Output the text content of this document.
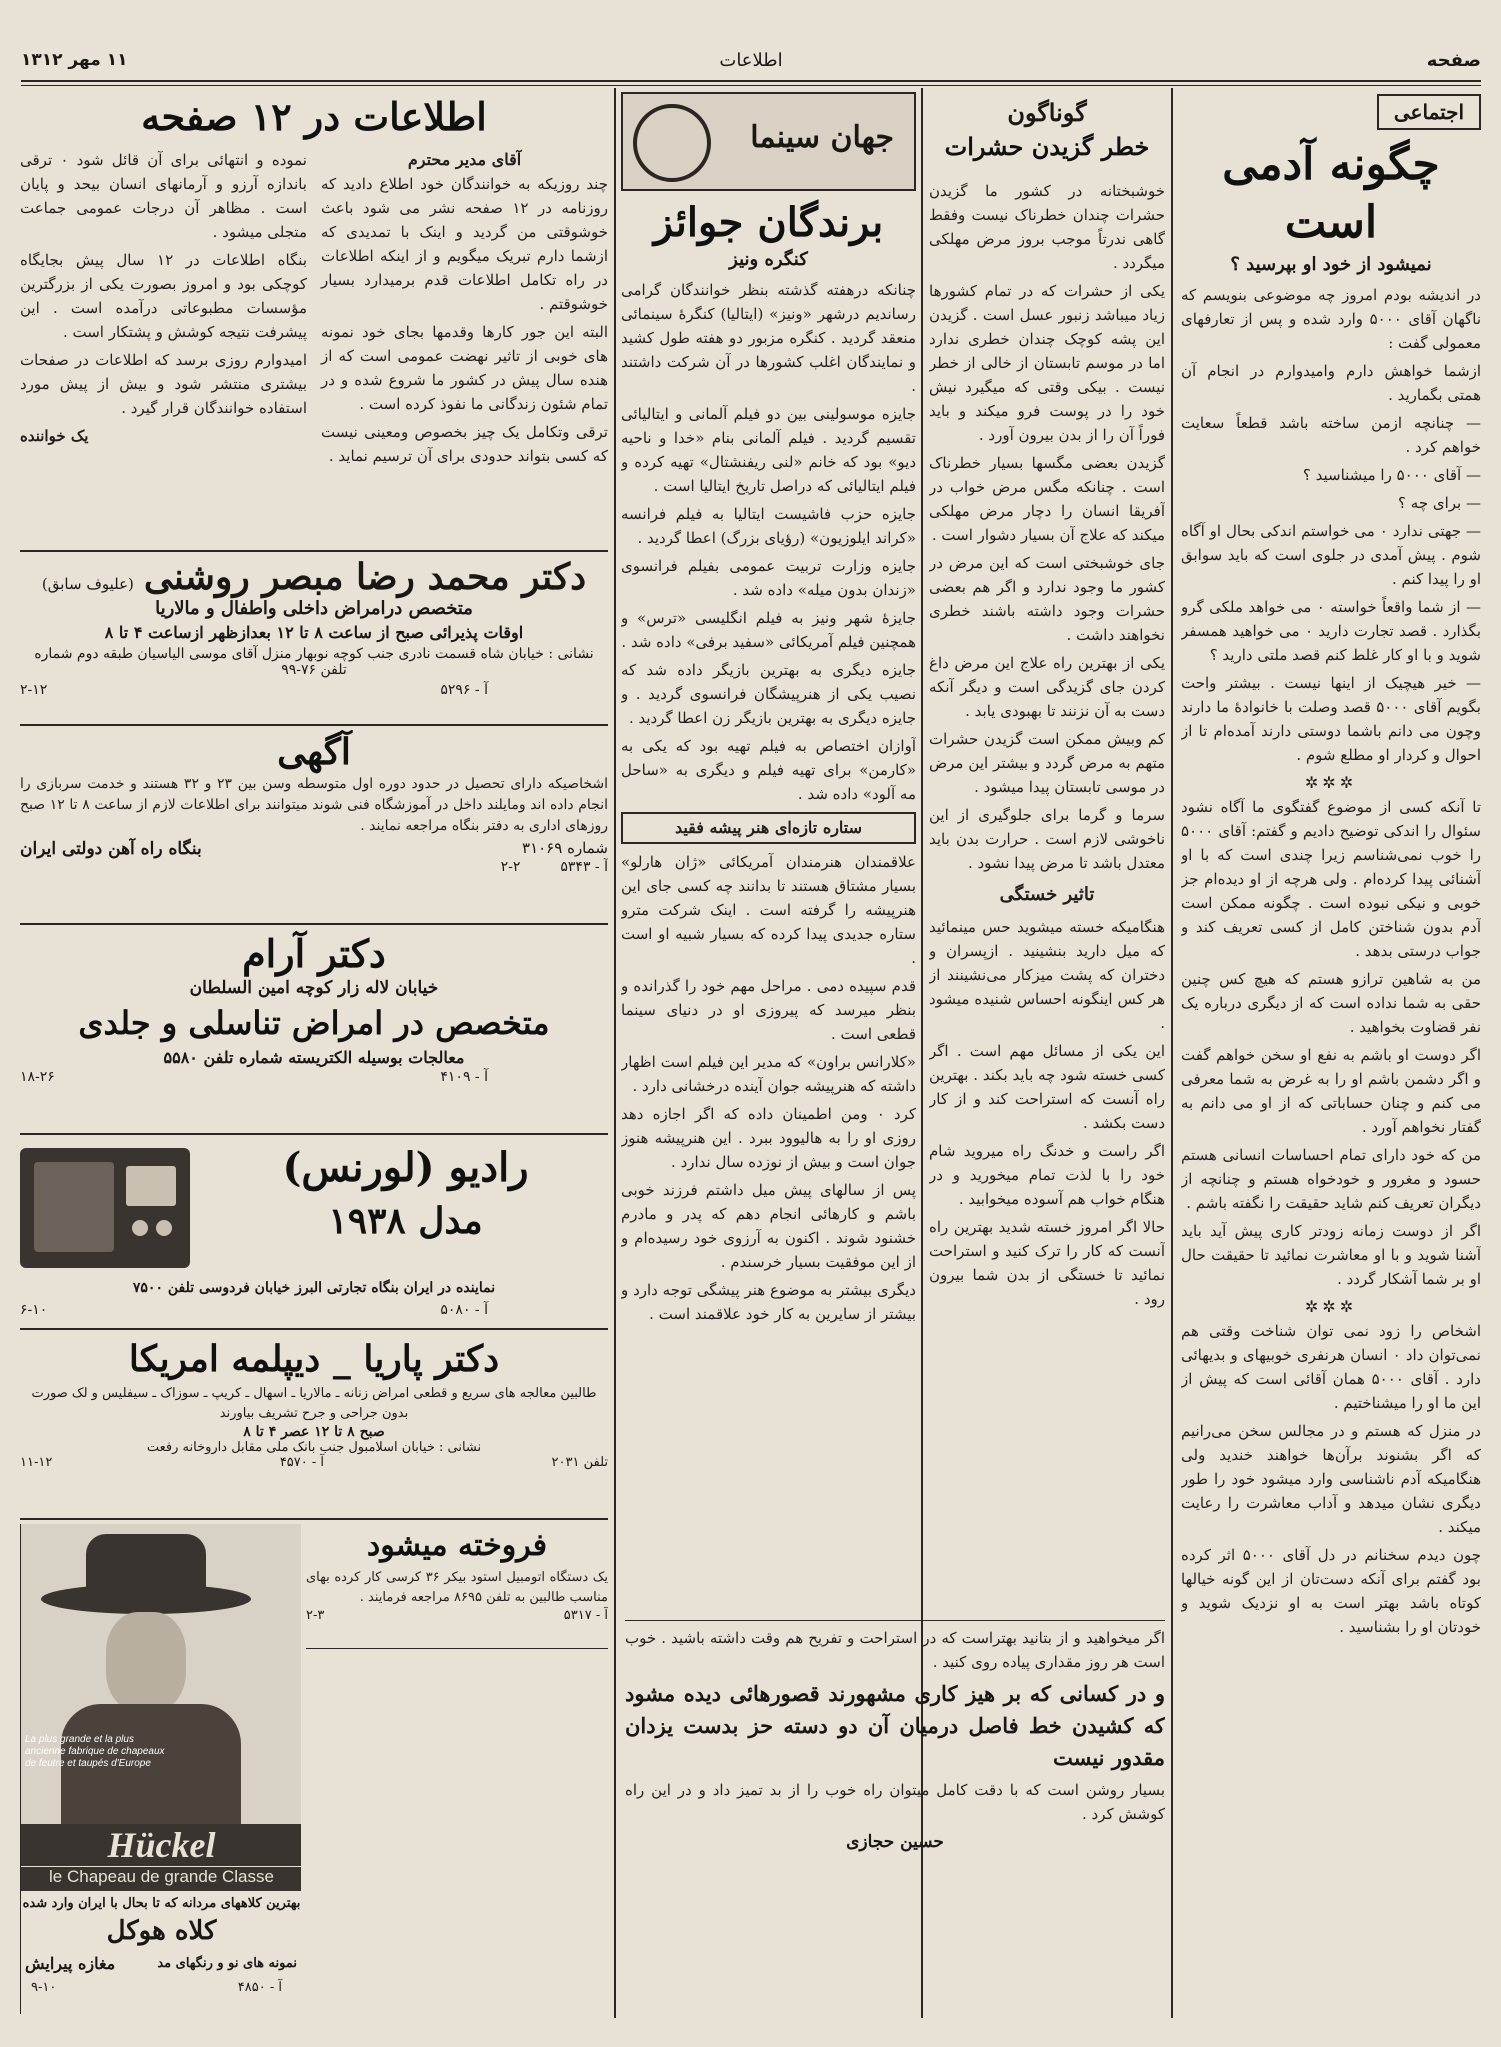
صفحه
اطلاعات
۱۱ مهر ۱۳۱۲
اجتماعی
چگونه آدمی است
نمیشود از خود او بپرسید ؟

در اندیشه بودم امروز چه موضوعی بنویسم که ناگهان آقای ۵۰۰۰ وارد شده و پس از تعارفهای معمولی گفت :

ازشما خواهش دارم وامیدوارم در انجام آن همتی بگمارید .

— چنانچه ازمن ساخته باشد قطعاً سعایت خواهم کرد .

— آقای ۵۰۰۰ را میشناسید ؟

— برای چه ؟

— جهتی ندارد ۰ می خواستم اندکی بحال او آگاه شوم . پیش آمدی در جلوی است که باید سوابق او را پیدا کنم .

— از شما واقعاً خواسته ۰ می خواهد ملکی گرو بگذارد . قصد تجارت دارید ۰ می خواهید همسفر شوید و با او کار غلط کنم قصد ملتی دارید ؟

— خیر هیچیک از اینها نیست . بیشتر واحت بگویم آقای ۵۰۰۰ قصد وصلت با خانوادهٔ ما دارند وچون می دانم باشما دوستی دارند آمده‌ام تا از احوال و کردار او مطلع شوم .

✲✲✲

تا آنکه کسی از موضوع گفتگوی ما آگاه نشود سئوال را اندکی توضیح دادیم و گفتم: آقای ۵۰۰۰ را خوب نمی‌شناسم زیرا چندی است که با او آشنائی پیدا کرده‌ام . ولی هرچه از او دیده‌ام جز خوبی و نیکی نبوده است . چگونه ممکن است آدم بدون شناختن کامل از کسی تعریف کند و جواب درستی بدهد .

من به شاهین ترازو هستم که هیچ کس چنین حقی به شما نداده است که از دیگری درباره یک نفر قضاوت بخواهید .

اگر دوست او باشم به نفع او سخن خواهم گفت و اگر دشمن باشم او را به غرض به شما معرفی می کنم و چنان حساباتی که از او می دانم به گفتار نخواهم آورد .

من که خود دارای تمام احساسات انسانی هستم حسود و مغرور و خودخواه هستم و چنانچه از دیگران تعریف کنم شاید حقیقت را نگفته باشم .

اگر از دوست زمانه زودتر کاری پیش آید باید آشنا شوید و با او معاشرت نمائید تا حقیقت حال او بر شما آشکار گردد .

✲✲✲

اشخاص را زود نمی توان شناخت وقتی هم نمی‌توان داد ۰ انسان هرنفری خوبیهای و بدیهائی دارد . آقای ۵۰۰۰ همان آقائی است که پیش از این ما او را میشناختیم .

در منزل که هستم و در مجالس سخن می‌رانیم که اگر بشنوند برآن‌ها خواهند خندید ولی هنگامیکه آدم ناشناسی وارد میشود خود را طور دیگری نشان میدهد و آداب معاشرت را رعایت میکند .

چون دیدم سخنانم در دل آقای ۵۰۰۰ اثر کرده بود گفتم برای آنکه دست‌تان از این گونه خیالها کوتاه باشد بهتر است به او نزدیک شوید و خودتان او را بشناسید .

گوناگون
خطر گزیدن حشرات

خوشبختانه در کشور ما گزیدن حشرات چندان خطرناک نیست وفقط گاهی ندرتاً موجب بروز مرض مهلکی میگردد .

یکی از حشرات که در تمام کشورها زیاد میباشد زنبور عسل است . گزیدن این پشه کوچک چندان خطری ندارد اما در موسم تابستان از خالی از خطر نیست . بیکی وقتی که میگیرد نیش خود را در پوست فرو میکند و باید فوراً آن را از بدن بیرون آورد .

گزیدن بعضی مگسها بسیار خطرناک است . چنانکه مگس مرض خواب در آفریقا انسان را دچار مرض مهلکی میکند که علاج آن بسیار دشوار است .

جای خوشبختی است که این مرض در کشور ما وجود ندارد و اگر هم بعضی حشرات وجود داشته باشند خطری نخواهند داشت .

یکی از بهترین راه علاج این مرض داغ کردن جای گزیدگی است و دیگر آنکه دست به آن نزنند تا بهبودی یابد .

کم وبیش ممکن است گزیدن حشرات متهم به مرض گردد و بیشتر این مرض در موسی تابستان پیدا میشود .

سرما و گرما برای جلوگیری از این ناخوشی لازم است . حرارت بدن باید معتدل باشد تا مرض پیدا نشود .

تاثیر خستگی

هنگامیکه خسته میشوید حس مینمائید که میل دارید بنشینید . ازپسران و دختران که پشت میزکار می‌نشینند از هر کس اینگونه احساس شنیده میشود .

این یکی از مسائل مهم است . اگر کسی خسته شود چه باید بکند . بهترین راه آنست که استراحت کند و از کار دست بکشد .

اگر راست و خدنگ راه میروید شام خود را با لذت تمام میخورید و در هنگام خواب هم آسوده میخوابید .

حالا اگر امروز خسته شدید بهترین راه آنست که کار را ترک کنید و استراحت نمائید تا خستگی از بدن شما بیرون رود .

اگر میخواهید و از بتانید بهتراست که در استراحت و تفریح هم وقت داشته باشید . خوب است هر روز مقداری پیاده روی کنید .
و در کسانی که بر هیز کاری مشهورند قصورهائی دیده مشود که کشیدن خط فاصل درمیان آن دو دسته حز بدست یزدان مقدور نیست
بسیار روشن است که با دقت کامل میتوان راه خوب را از بد تمیز داد و در این راه کوشش کرد .
حسین حجازی
جهان سینما
برندگان جوائز
کنگره ونیز

چنانکه درهفته گذشته بنظر خوانندگان گرامی رساندیم درشهر «ونیز» (ایتالیا) کنگرهٔ سینمائی منعقد گردید . کنگره مزبور دو هفته طول کشید و نمایندگان اغلب کشورها در آن شرکت داشتند .

جایزه موسولینی بین دو فیلم آلمانی و ایتالیائی تقسیم گردید . فیلم آلمانی بنام «خدا و ناحیه دیو» بود که خانم «لنی ریفنشتال» تهیه کرده و فیلم ایتالیائی که دراصل تاریخ ایتالیا است .

جایزه حزب فاشیست ایتالیا به فیلم فرانسه «کراند ایلوزیون» (رؤیای بزرگ) اعطا گردید .

جایزه وزارت تربیت عمومی بفیلم فرانسوی «زندان بدون میله» داده شد .

جایزهٔ شهر ونیز به فیلم انگلیسی «ترس» و همچنین فیلم آمریکائی «سفید برفی» داده شد .

جایزه دیگری به بهترین بازیگر داده شد که نصیب یکی از هنرپیشگان فرانسوی گردید . و جایزه دیگری به بهترین بازیگر زن اعطا گردید .

آوازان اختصاص به فیلم تهیه بود که یکی به «کارمن» برای تهیه فیلم و دیگری به «ساحل مه آلود» داده شد .

ستاره تازه‌ای هنر پیشه فقید

علاقمندان هنرمندان آمریکائی «ژان هارلو» بسیار مشتاق هستند تا بدانند چه کسی جای این هنرپیشه را گرفته است . اینک شرکت مترو ستاره جدیدی پیدا کرده که بسیار شبیه او است .

قدم سپیده دمی . مراحل مهم خود را گذرانده و بنظر میرسد که پیروزی او در دنیای سینما قطعی است .

«کلارانس براون» که مدیر این فیلم است اظهار داشته که هنرپیشه جوان آینده درخشانی دارد .

کرد ۰ ومن اطمینان داده که اگر اجازه دهد روزی او را به هالیوود ببرد . این هنرپیشه هنوز جوان است و بیش از نوزده سال ندارد .

پس از سالهای پیش میل داشتم فرزند خوبی باشم و کارهائی انجام دهم که پدر و مادرم خشنود شوند . اکنون به آرزوی خود رسیده‌ام و از این موفقیت بسیار خرسندم .

دیگری بیشتر به موضوع هنر پیشگی توجه دارد و بیشتر از سایرین به کار خود علاقمند است .

اطلاعات در ۱۲ صفحه
آقای مدیر محترم

چند روزیکه به خوانندگان خود اطلاع دادید که روزنامه در ۱۲ صفحه نشر می شود باعث خوشوقتی من گردید و اینک با تمدیدی که ازشما دارم تبریک میگویم و از اینکه اطلاعات در راه تکامل اطلاعات قدم برمیدارد بسیار خوشوقتم .

البته این جور کارها وقدمها بجای خود نمونه های خوبی از تاثیر نهضت عمومی است که از هنده سال پیش در کشور ما شروع شده و در تمام شئون زندگانی ما نفوذ کرده است .

ترقی وتکامل یک چیز بخصوص ومعینی نیست که کسی بتواند حدودی برای آن ترسیم نماید .

نموده و انتهائی برای آن قائل شود ۰ ترقی باندازه آرزو و آرمانهای انسان بیحد و پایان است . مظاهر آن درجات عمومی جماعت متجلی میشود .

بنگاه اطلاعات در ۱۲ سال پیش بجایگاه کوچکی بود و امروز بصورت یکی از بزرگترین مؤسسات مطبوعاتی درآمده است . این پیشرفت نتیجه کوشش و پشتکار است .

امیدوارم روزی برسد که اطلاعات در صفحات بیشتری منتشر شود و بیش از پیش مورد استفاده خوانندگان قرار گیرد .

یک خواننده
دکتر محمد رضا مبصر روشنی
(علیوف سابق)
متخصص درامراض داخلی واطفال و مالاریا
اوقات پذیرائی صبح از ساعت ۸ تا ۱۲ بعدازظهر ازساعت ۴ تا ۸
نشانی : خیابان شاه قسمت نادری جنب کوچه نوبهار منزل آقای موسی الیاسیان طبقه دوم شماره تلفن ۷۶-۹۹
آ - ۵۲۹۶
۲-۱۲
آگهی
اشخاصیکه دارای تحصیل در حدود دوره اول متوسطه وسن بین ۲۳ و ۳۲ هستند و خدمت سربازی را انجام داده اند ومایلند داخل در آموزشگاه فنی شوند میتوانند برای اطلاعات لازم از ساعت ۸ تا ۱۲ صبح روزهای اداری به دفتر بنگاه مراجعه نمایند .
شماره ۳۱۰۶۹
بنگاه راه آهن دولتی ایران
آ - ۵۳۴۳
۲-۲
دکتر آرام
خیابان لاله زار کوچه امین السلطان
متخصص در امراض تناسلی و جلدی
معالجات بوسیله الکتریسته شماره تلفن ۵۵۸۰
آ - ۴۱۰۹
۱۸-۲۶
رادیو (لورنس)
مدل ۱۹۳۸
نماینده در ایران بنگاه تجارتی البرز خیابان فردوسی تلفن ۷۵۰۰
آ - ۵۰۸۰
۶-۱۰
دکتر پاریا _ دیپلمه امریکا
طالبین معالجه های سریع و قطعی امراض زنانه ـ مالاریا ـ اسهال ـ کریپ ـ سوزاک ـ سیفلیس و لک صورت بدون جراحی و جرح تشریف بیاورند
صبح ۸ تا ۱۲ عصر ۴ تا ۸
نشانی : خیابان اسلامبول جنب بانک ملی مقابل داروخانه رفعت
تلفن ۲۰۳۱
آ - ۴۵۷۰
۱۱-۱۲
فروخته میشود
یک دستگاه اتومبیل استود بیکر ۳۶ کرسی کار کرده بهای مناسب طالبین به تلفن ۸۶۹۵ مراجعه فرمایند .
آ - ۵۳۱۷
۲-۳
La plus grande et la plus ancienne fabrique de chapeaux de feutre et taupés d'Europe
Hückel
le Chapeau de grande Classe
بهترین کلاههای مردانه که تا بحال با ایران وارد شده
کلاه هوکل
نمونه های نو و رنگهای مد
مغازه پیرایش
آ - ۴۸۵۰
۹-۱۰
